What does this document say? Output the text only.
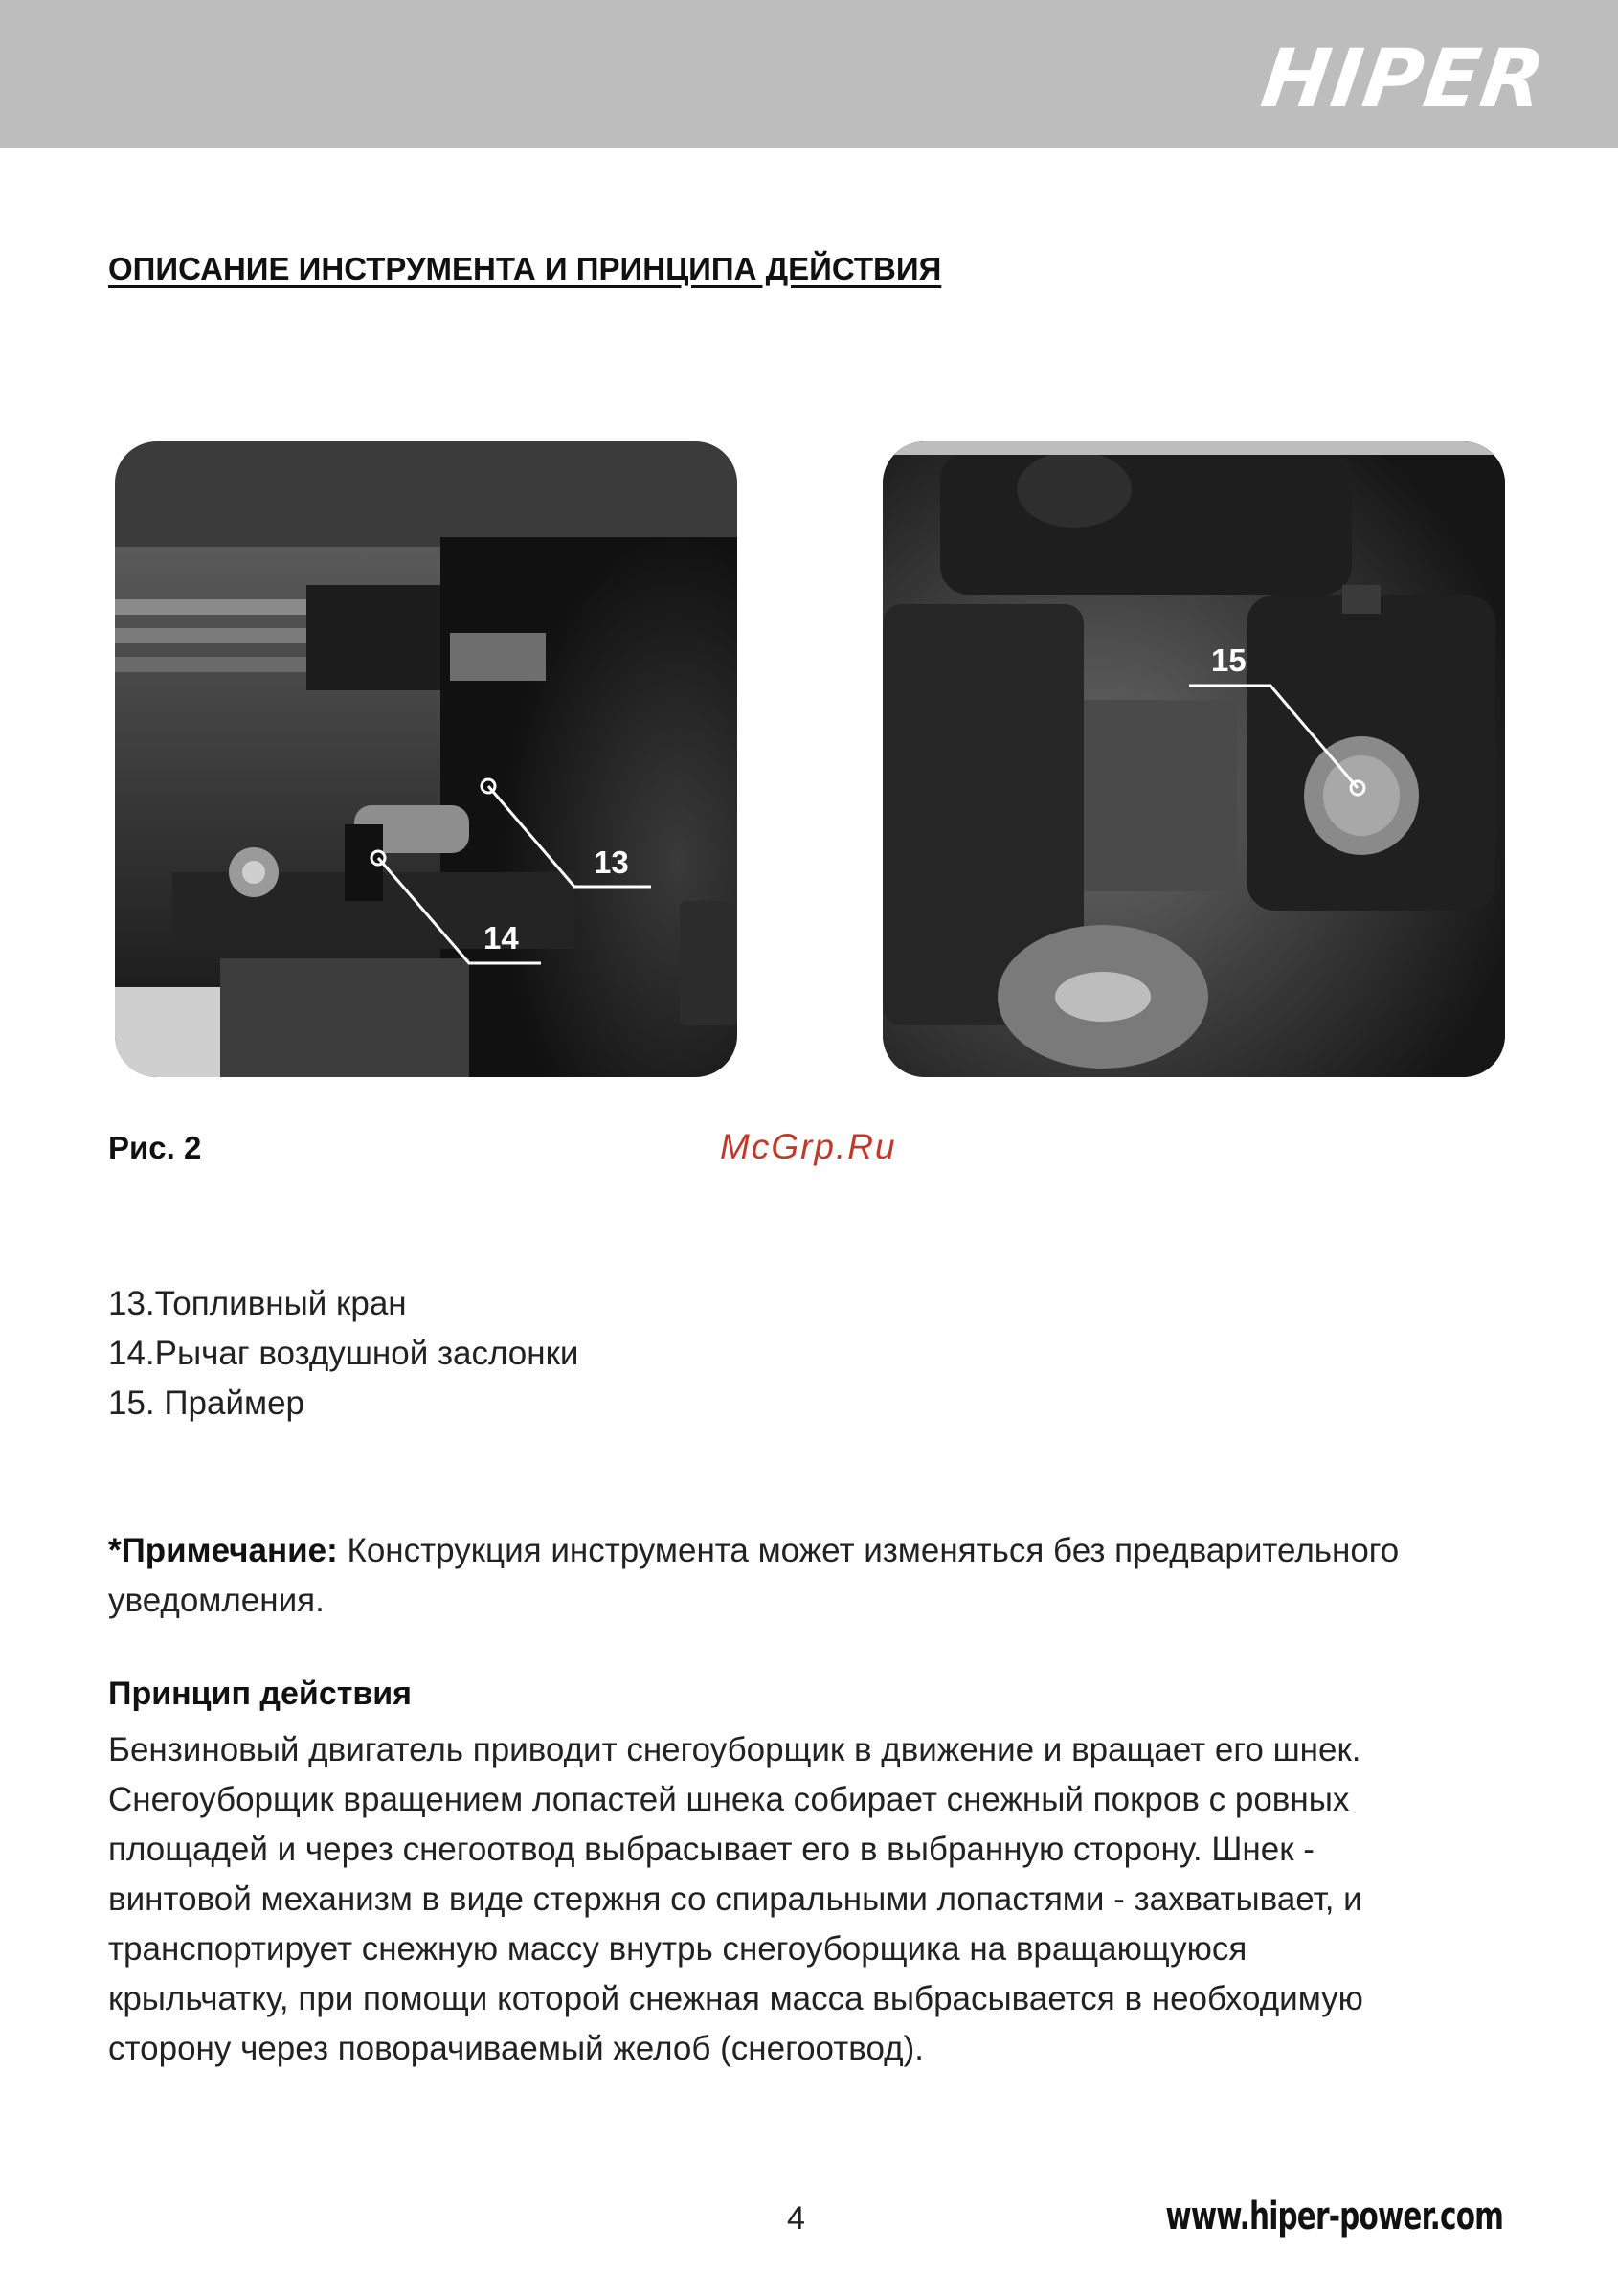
HIPER
ОПИСАНИЕ ИНСТРУМЕНТА И ПРИНЦИПА ДЕЙСТВИЯ
13
14
15
Рис. 2	McGrp.Ru
13.Топливный кран
14.Рычаг воздушной заслонки
15. Праймер
*Примечание: Конструкция инструмента может изменяться без предварительного уведомления.
Принцип действия
Бензиновый двигатель приводит снегоуборщик в движение и вращает его шнек.
Снегоуборщик вращением лопастей шнека собирает снежный покров с ровных
площадей и через снегоотвод выбрасывает его в выбранную сторону. Шнек -
винтовой механизм в виде стержня со спиральными лопастями - захватывает, и
транспортирует снежную массу внутрь снегоуборщика на вращающуюся
крыльчатку, при помощи которой снежная масса выбрасывается в необходимую
сторону через поворачиваемый желоб (снегоотвод).
4	www.hiper-power.com
